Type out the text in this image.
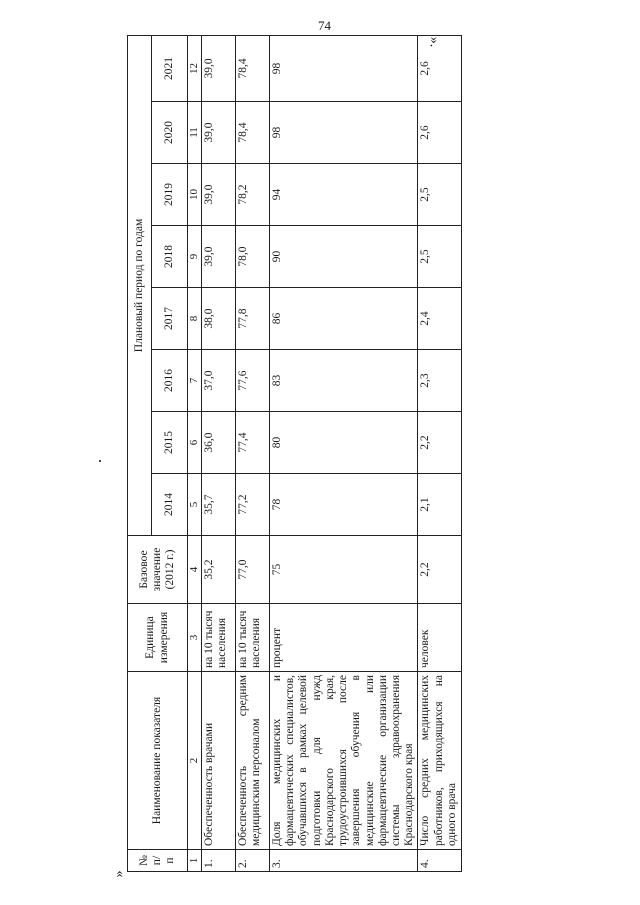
74
».
«
№ п/п	Наименование показателя	Единица измерения	Базовое значение (2012 г.)	Плановый период по годам							
				2014	2015	2016	2017	2018	2019	2020	2021
1	2	3	4	5	6	7	8	9	10	11	12
1.	Обеспеченность врачами	на 10 тысяч населения	35,2	35,7	36,0	37,0	38,0	39,0	39,0	39,0	39,0
2.	Обеспеченность средним медицинским персоналом	на 10 тысяч населения	77,0	77,2	77,4	77,6	77,8	78,0	78,2	78,4	78,4
3.	Доля медицинских и фармацевтических специалистов, обучавшихся в рамках целевой подготовки для нужд Краснодарского края, трудоустроившихся после завершения обучения в медицинские или фармацевтические организации системы здравоохранения Краснодарского края	процент	75	78	80	83	86	90	94	98	98
4.	Число средних медицинских работников, приходящихся на одного врача	человек	2,2	2,1	2,2	2,3	2,4	2,5	2,5	2,6	2,6
